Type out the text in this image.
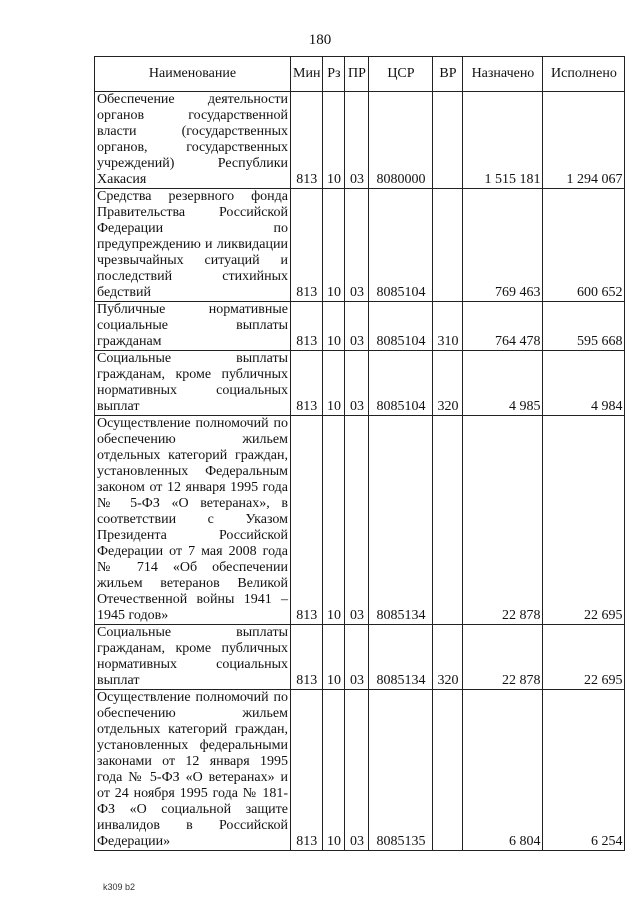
180
Наименование	Мин	Рз	ПР	ЦСР	ВР	Назначено	Исполнено
Обеспечение деятельности органов государственной власти (государственных органов, государственных учреждений) Республики Хакасия	813	10	03	8080000		1 515 181	1 294 067
Средства резервного фонда Правительства Российской Федерации по предупреждению и ликвидации чрезвычайных ситуаций и последствий стихийных бедствий	813	10	03	8085104		769 463	600 652
Публичные нормативные социальные выплаты гражданам	813	10	03	8085104	310	764 478	595 668
Социальные выплаты гражданам, кроме публичных нормативных социальных выплат	813	10	03	8085104	320	4 985	4 984
Осуществление полномочий по обеспечению жильем отдельных категорий граждан, установленных Федеральным законом от 12 января 1995 года № 5-ФЗ «О ветеранах», в соответствии с Указом Президента Российской Федерации от 7 мая 2008 года № 714 «Об обеспечении жильем ветеранов Великой Отечественной войны 1941 – 1945 годов»	813	10	03	8085134		22 878	22 695
Социальные выплаты гражданам, кроме публичных нормативных социальных выплат	813	10	03	8085134	320	22 878	22 695
Осуществление полномочий по обеспечению жильем отдельных категорий граждан, установленных федеральными законами от 12 января 1995 года № 5-ФЗ «О ветеранах» и от 24 ноября 1995 года № 181-ФЗ «О социальной защите инвалидов в Российской Федерации»	813	10	03	8085135		6 804	6 254
k309 b2
